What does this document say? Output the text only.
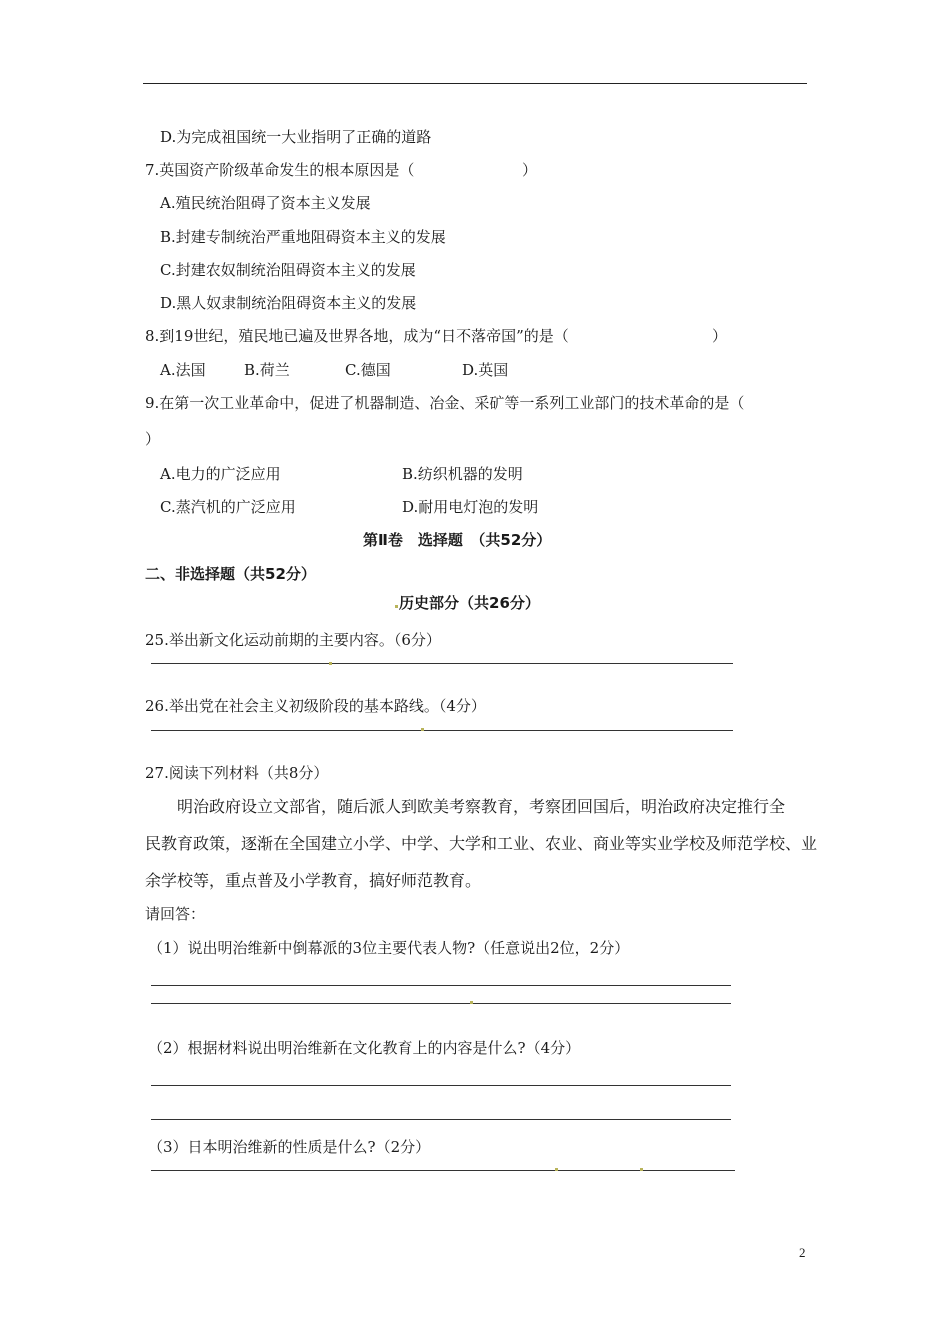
D.为完成祖国统一大业指明了正确的道路
7.英国资产阶级革命发生的根本原因是（	）
A.殖民统治阻碍了资本主义发展
B.封建专制统治严重地阻碍资本主义的发展
C.封建农奴制统治阻碍资本主义的发展
D.黑人奴隶制统治阻碍资本主义的发展
8.到19世纪，殖民地已遍及世界各地，成为“日不落帝国”的是（	）
A.法国	B.荷兰	C.德国	D.英国
9.在第一次工业革命中，促进了机器制造、冶金、采矿等一系列工业部门的技术革命的是（
）
A.电力的广泛应用	B.纺织机器的发明
C.蒸汽机的广泛应用	D.耐用电灯泡的发明
第Ⅱ卷　选择题　（共52分）
二、非选择题（共52分）
历史部分（共26分）
25.举出新文化运动前期的主要内容。（6分）
26.举出党在社会主义初级阶段的基本路线。（4分）
27.阅读下列材料（共8分）
明治政府设立文部省，随后派人到欧美考察教育，考察团回国后，明治政府决定推行全
民教育政策，逐渐在全国建立小学、中学、大学和工业、农业、商业等实业学校及师范学校、业
余学校等，重点普及小学教育，搞好师范教育。
请回答：
（1）说出明治维新中倒幕派的3位主要代表人物?（任意说出2位，2分）
（2）根据材料说出明治维新在文化教育上的内容是什么?（4分）
（3）日本明治维新的性质是什么?（2分）
2
